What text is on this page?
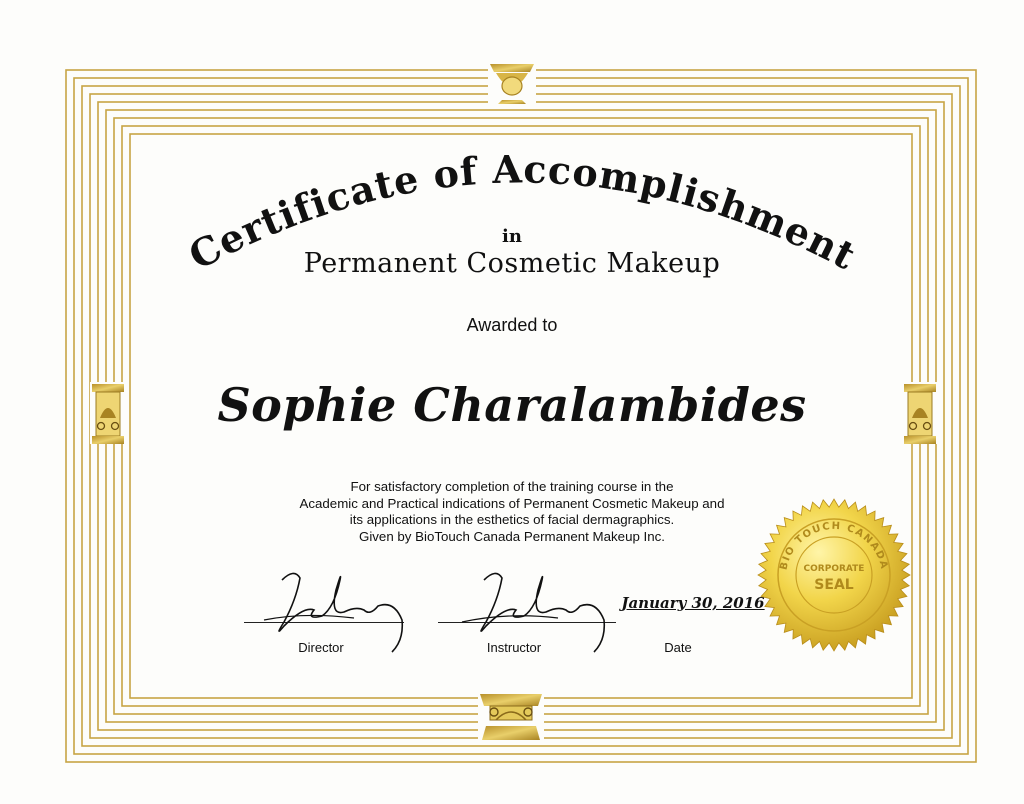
Certificate of Accomplishment

in

Permanent Cosmetic Makeup

Awarded to

Sophie Charalambides

For satisfactory completion of the training course in the
Academic and Practical indications of Permanent Cosmetic Makeup and
its applications in the esthetics of facial dermagraphics.
Given by BioTouch Canada Permanent Makeup Inc.

January 30, 2016

Director	Instructor	Date

BIO TOUCH CANADA
CORPORATE
SEAL
